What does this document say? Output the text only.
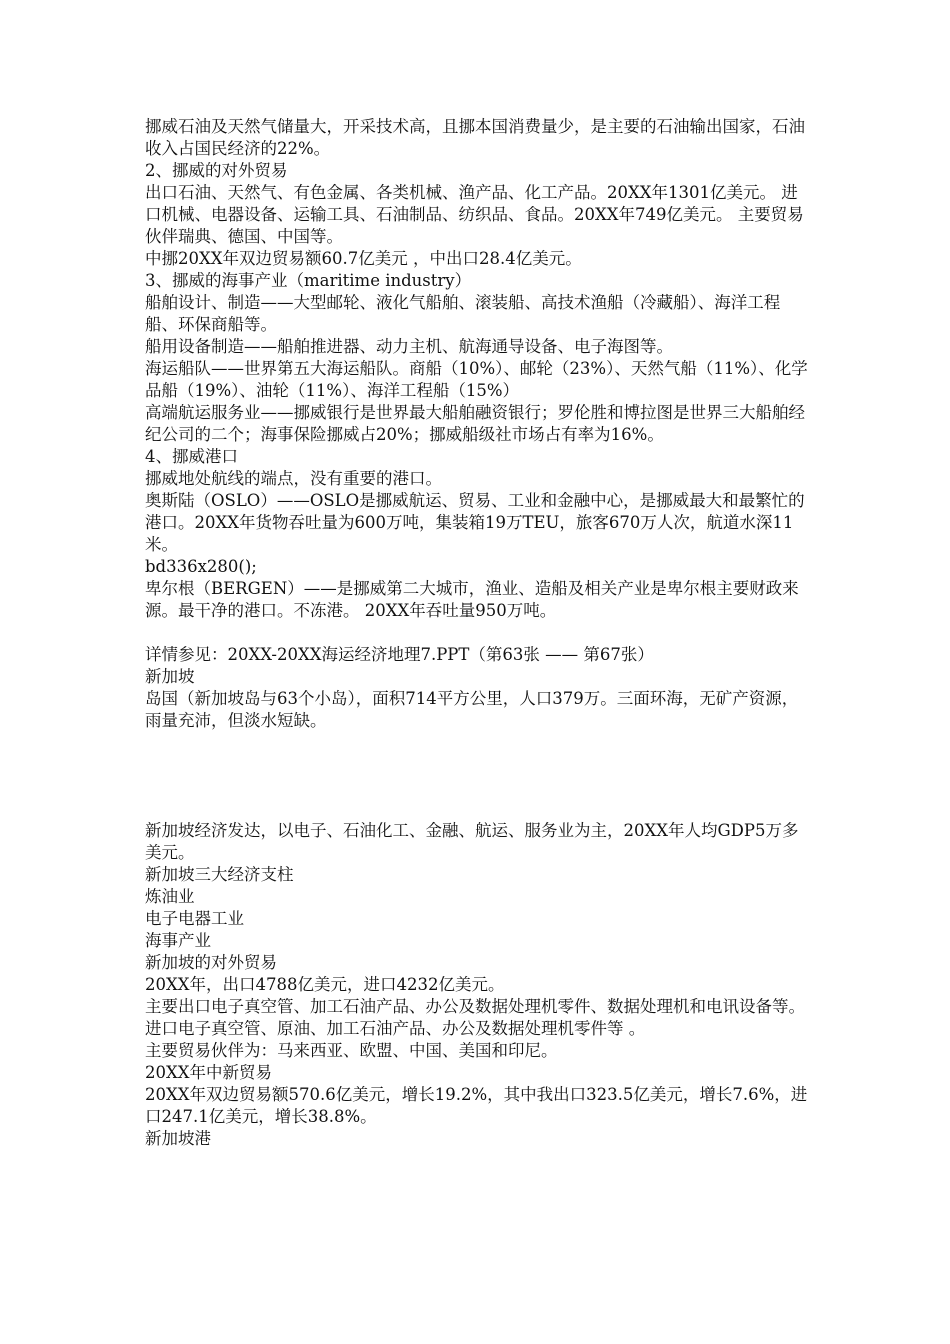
挪威石油及天然气储量大，开采技术高，且挪本国消费量少，是主要的石油输出国家，石油收入占国民经济的22%。

2、挪威的对外贸易

出口石油、天然气、有色金属、各类机械、渔产品、化工产品。20XX年1301亿美元。 进口机械、电器设备、运输工具、石油制品、纺织品、食品。20XX年749亿美元。 主要贸易伙伴瑞典、德国、中国等。

中挪20XX年双边贸易额60.7亿美元 ，中出口28.4亿美元。

3、挪威的海事产业（maritime industry）

船舶设计、制造——大型邮轮、液化气船舶、滚装船、高技术渔船（冷藏船）、海洋工程船、环保商船等。

船用设备制造——船舶推进器、动力主机、航海通导设备、电子海图等。

海运船队——世界第五大海运船队。商船（10%）、邮轮（23%）、天然气船（11%）、化学品船（19%）、油轮（11%）、海洋工程船（15%）

高端航运服务业——挪威银行是世界最大船舶融资银行；罗伦胜和博拉图是世界三大船舶经纪公司的二个；海事保险挪威占20%；挪威船级社市场占有率为16%。

4、挪威港口

挪威地处航线的端点，没有重要的港口。

奥斯陆（OSLO）——OSLO是挪威航运、贸易、工业和金融中心，是挪威最大和最繁忙的港口。20XX年货物吞吐量为600万吨，集装箱19万TEU，旅客670万人次，航道水深11米。

bd336x280();

卑尔根（BERGEN）——是挪威第二大城市，渔业、造船及相关产业是卑尔根主要财政来源。最干净的港口。不冻港。 20XX年吞吐量950万吨。

详情参见：20XX-20XX海运经济地理7.PPT（第63张 —— 第67张）

新加坡

岛国（新加坡岛与63个小岛），面积714平方公里，人口379万。三面环海，无矿产资源，雨量充沛，但淡水短缺。

新加坡经济发达，以电子、石油化工、金融、航运、服务业为主，20XX年人均GDP5万多美元。

新加坡三大经济支柱

炼油业

电子电器工业

海事产业

新加坡的对外贸易

20XX年，出口4788亿美元，进口4232亿美元。

主要出口电子真空管、加工石油产品、办公及数据处理机零件、数据处理机和电讯设备等。 进口电子真空管、原油、加工石油产品、办公及数据处理机零件等 。

主要贸易伙伴为：马来西亚、欧盟、中国、美国和印尼。

20XX年中新贸易

20XX年双边贸易额570.6亿美元，增长19.2%，其中我出口323.5亿美元，增长7.6%，进口247.1亿美元，增长38.8%。

新加坡港
